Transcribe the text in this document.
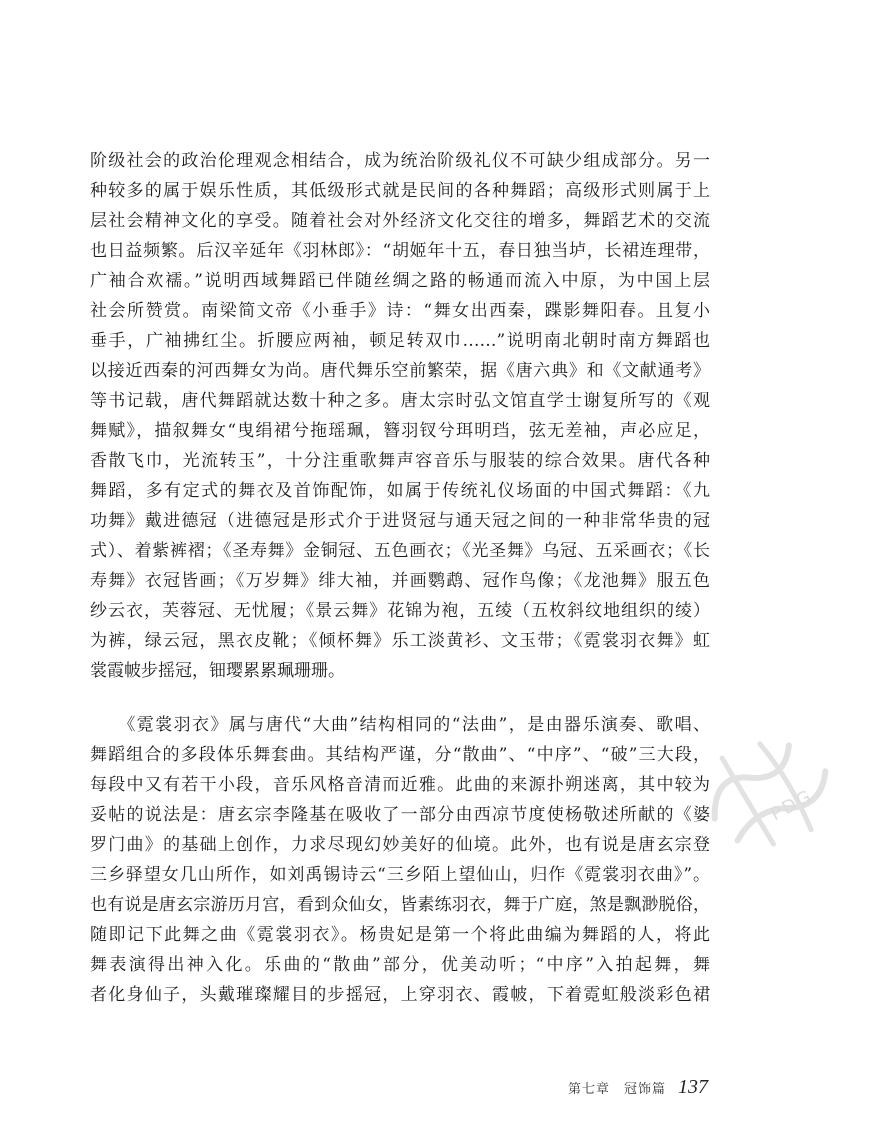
阶级社会的政治伦理观念相结合，成为统治阶级礼仪不可缺少组成部分。另一
种较多的属于娱乐性质，其低级形式就是民间的各种舞蹈；高级形式则属于上
层社会精神文化的享受。随着社会对外经济文化交往的增多，舞蹈艺术的交流
也日益频繁。后汉辛延年《羽林郎》：“胡姬年十五，春日独当垆，长裙连理带，
广袖合欢襦。”说明西域舞蹈已伴随丝绸之路的畅通而流入中原，为中国上层
社会所赞赏。南梁简文帝《小垂手》诗：“舞女出西秦，蹀影舞阳春。且复小
垂手，广袖拂红尘。折腰应两袖，顿足转双巾……”说明南北朝时南方舞蹈也
以接近西秦的河西舞女为尚。唐代舞乐空前繁荣，据《唐六典》和《文献通考》
等书记载，唐代舞蹈就达数十种之多。唐太宗时弘文馆直学士谢复所写的《观
舞赋》，描叙舞女“曳绢裙兮拖瑶珮，簪羽钗兮珥明珰，弦无差袖，声必应足，
香散飞巾，光流转玉”，十分注重歌舞声容音乐与服装的综合效果。唐代各种
舞蹈，多有定式的舞衣及首饰配饰，如属于传统礼仪场面的中国式舞蹈：《九
功舞》戴进德冠（进德冠是形式介于进贤冠与通天冠之间的一种非常华贵的冠
式）、着紫裤褶；《圣寿舞》金铜冠、五色画衣；《光圣舞》乌冠、五采画衣；《长
寿舞》衣冠皆画；《万岁舞》绯大袖，并画鹦鹉、冠作鸟像；《龙池舞》服五色
纱云衣，芙蓉冠、无忧履；《景云舞》花锦为袍，五绫（五枚斜纹地组织的绫）
为裤，绿云冠，黑衣皮靴；《倾杯舞》乐工淡黄衫、文玉带；《霓裳羽衣舞》虹
裳霞帔步摇冠，钿璎累累珮珊珊。
　　《霓裳羽衣》属与唐代“大曲”结构相同的“法曲”，是由器乐演奏、歌唱、
舞蹈组合的多段体乐舞套曲。其结构严谨，分“散曲”、“中序”、“破”三大段，
每段中又有若干小段，音乐风格音清而近雅。此曲的来源扑朔迷离，其中较为
妥帖的说法是：唐玄宗李隆基在吸收了一部分由西凉节度使杨敬述所献的《婆
罗门曲》的基础上创作，力求尽现幻妙美好的仙境。此外，也有说是唐玄宗登
三乡驿望女几山所作，如刘禹锡诗云“三乡陌上望仙山，归作《霓裳羽衣曲》”。
也有说是唐玄宗游历月宫，看到众仙女，皆素练羽衣，舞于广庭，煞是飘渺脱俗，
随即记下此舞之曲《霓裳羽衣》。杨贵妃是第一个将此曲编为舞蹈的人，将此
舞表演得出神入化。乐曲的“散曲”部分，优美动听；“中序”入拍起舞，舞
者化身仙子，头戴璀璨耀目的步摇冠，上穿羽衣、霞帔，下着霓虹般淡彩色裙
PDG
第七章　冠饰篇 137
